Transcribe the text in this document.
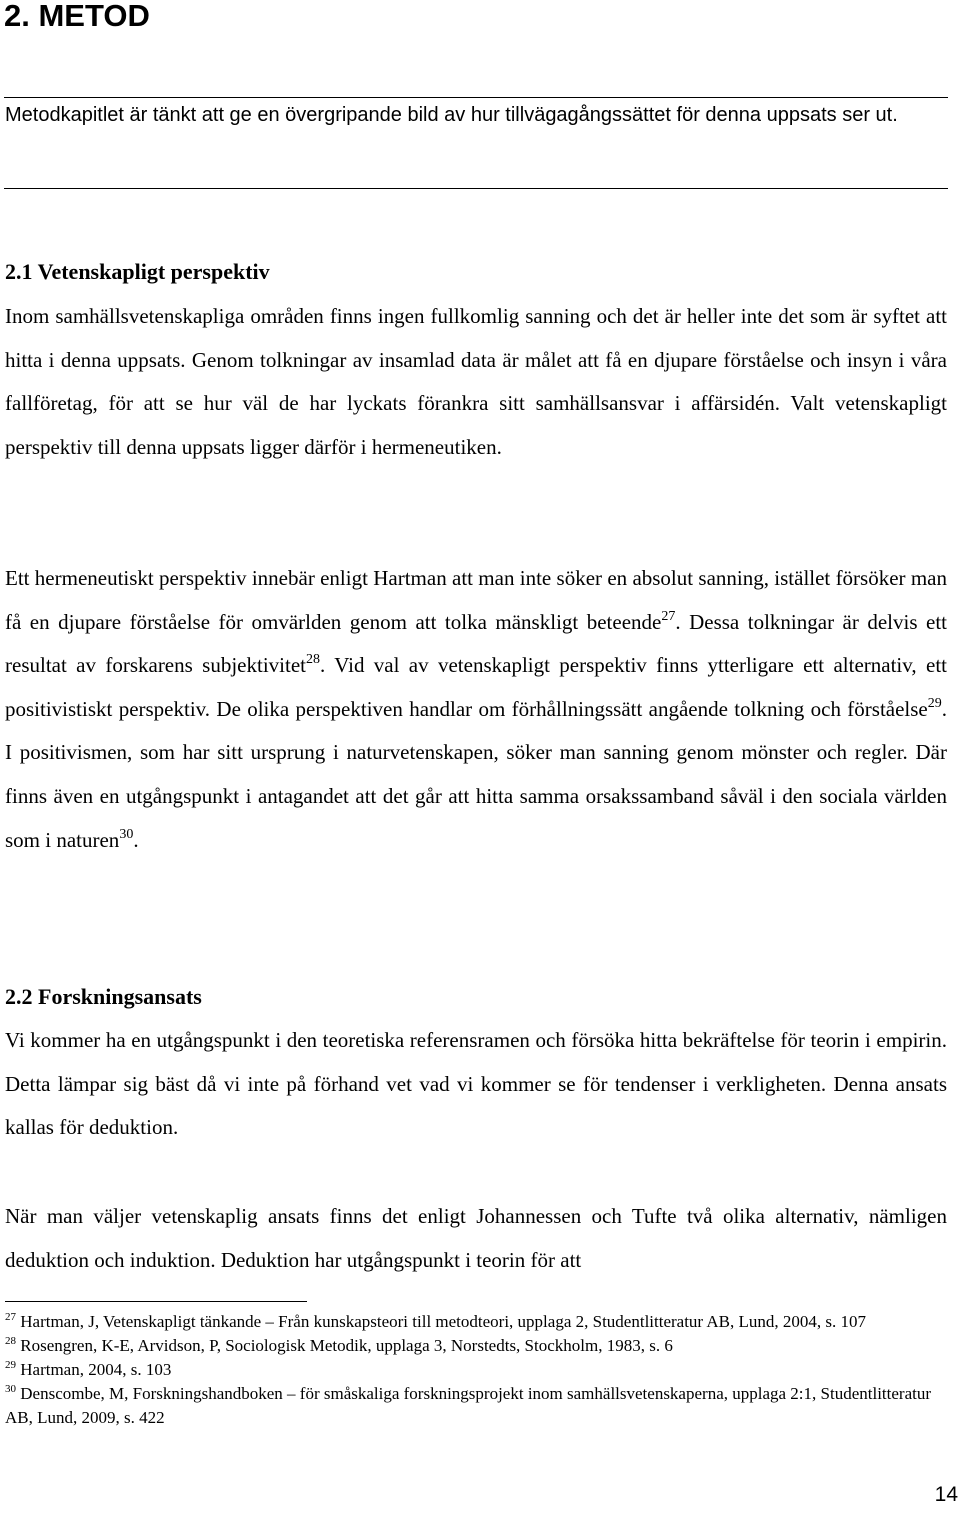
2. METOD

Metodkapitlet är tänkt att ge en övergripande bild av hur tillvägagångssättet för denna uppsats ser ut.

2.1 Vetenskapligt perspektiv

Inom samhällsvetenskapliga områden finns ingen fullkomlig sanning och det är heller inte det som är syftet att hitta i denna uppsats. Genom tolkningar av insamlad data är målet att få en djupare förståelse och insyn i våra fallföretag, för att se hur väl de har lyckats förankra sitt samhällsansvar i affärsidén. Valt vetenskapligt perspektiv till denna uppsats ligger därför i hermeneutiken.

Ett hermeneutiskt perspektiv innebär enligt Hartman att man inte söker en absolut sanning, istället försöker man få en djupare förståelse för omvärlden genom att tolka mänskligt beteende$^{27}$. Dessa tolkningar är delvis ett resultat av forskarens subjektivitet$^{28}$. Vid val av vetenskapligt perspektiv finns ytterligare ett alternativ, ett positivistiskt perspektiv. De olika perspektiven handlar om förhållningssätt angående tolkning och förståelse$^{29}$. I positivismen, som har sitt ursprung i naturvetenskapen, söker man sanning genom mönster och regler. Där finns även en utgångspunkt i antagandet att det går att hitta samma orsakssamband såväl i den sociala världen som i naturen$^{30}$.

2.2 Forskningsansats

Vi kommer ha en utgångspunkt i den teoretiska referensramen och försöka hitta bekräftelse för teorin i empirin. Detta lämpar sig bäst då vi inte på förhand vet vad vi kommer se för tendenser i verkligheten. Denna ansats kallas för deduktion.

När man väljer vetenskaplig ansats finns det enligt Johannessen och Tufte två olika alternativ, nämligen deduktion och induktion. Deduktion har utgångspunkt i teorin för att

$^{27}$ Hartman, J, Vetenskapligt tänkande – Från kunskapsteori till metodteori, upplaga 2, Studentlitteratur AB, Lund, 2004, s. 107

$^{28}$ Rosengren, K-E, Arvidson, P, Sociologisk Metodik, upplaga 3, Norstedts, Stockholm, 1983, s. 6

$^{29}$ Hartman, 2004, s. 103

$^{30}$ Denscombe, M, Forskningshandboken – för småskaliga forskningsprojekt inom samhällsvetenskaperna, upplaga 2:1, Studentlitteratur AB, Lund, 2009, s. 422

14
